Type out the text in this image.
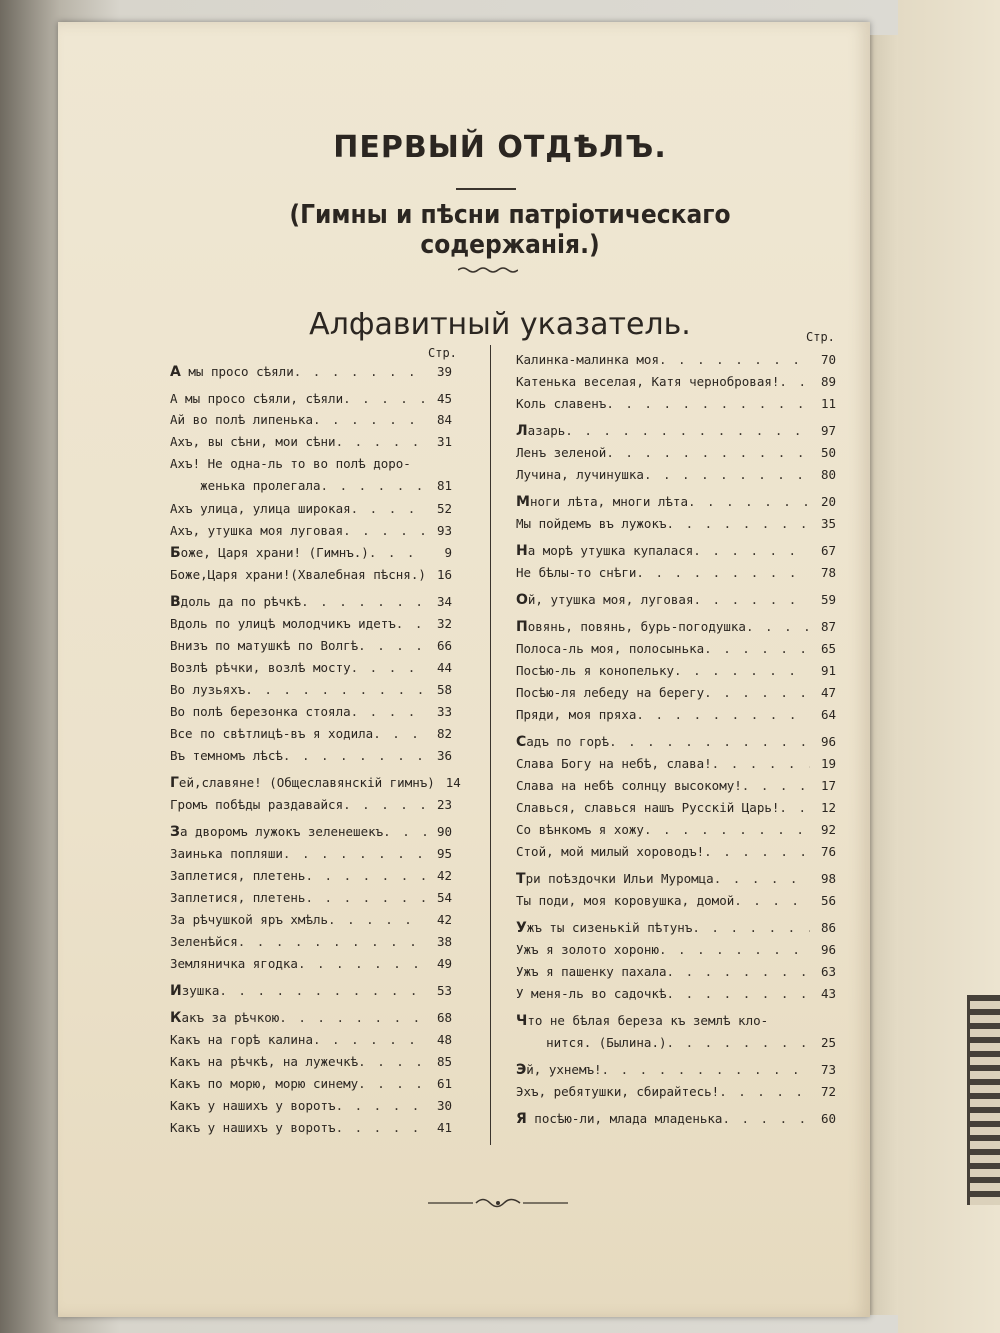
ПЕРВЫЙ ОТДѢЛЪ.
(Гимны и пѣсни патріотическаго содержанія.)
Алфавитный указатель.
Стр.
Стр.
А мы просо сѣяли . . .	39
А мы просо сѣяли, сѣяли . . .	45
Ай во полѣ липенька . . .	84
Ахъ, вы сѣни, мои сѣни . . .	31
Ахъ! Не одна-ль то во полѣ доро-
женька пролегала . . .	81
Ахъ улица, улица широкая . . .	52
Ахъ, утушка моя луговая . . .	93
Боже, Царя храни! (Гимнъ.) . . .	9
Боже,Царя храни!(Хвалебная пѣсня.) . . . 16
Вдоль да по рѣчкѣ . . .	34
Вдоль по улицѣ молодчикъ идетъ . . .	32
Внизъ по матушкѣ по Волгѣ . . .	66
Возлѣ рѣчки, возлѣ мосту . . .	44
Во лузьяхъ . . .	58
Во полѣ березонка стояла . . .	33
Все по свѣтлицѣ-въ я ходила . . .	82
Въ темномъ лѣсѣ . . .	36
Гей,славяне! (Общеславянскій гимнъ) 14
Громъ побѣды раздавайся . . .	23
За дворомъ лужокъ зеленешекъ . . .	90
Заинька попляши . . .	95
Заплетися, плетень . . .	42
Заплетися, плетень . . .	54
За рѣчушкой яръ хмѣль . . .	42
Зеленѣйся . . .	38
Земляничка ягодка . . .	49
Изушка . . .	53
Какъ за рѣчкою . . .	68
Какъ на горѣ калина . . .	48
Какъ на рѣчкѣ, на лужечкѣ . . .	85
Какъ по морю, морю синему . . .	61
Какъ у нашихъ у воротъ . . .	30
Какъ у нашихъ у воротъ . . .	41
Калинка-малинка моя . . .	70
Катенька веселая, Катя чернобровая! . . .	89
Коль славенъ . . .	11
Лазарь . . .	97
Ленъ зеленой . . .	50
Лучина, лучинушка . . .	80
Многи лѣта, многи лѣта . . .	20
Мы пойдемъ въ лужокъ . . .	35
На морѣ утушка купалася . . .	67
Не бѣлы-то снѣги . . .	78
Ой, утушка моя, луговая . . .	59
Повянь, повянь, бурь-погодушка . . .	87
Полоса-ль моя, полосынька . . .	65
Посѣю-ль я конопельку . . .	91
Посѣю-ля лебеду на берегу . . .	47
Пряди, моя пряха . . .	64
Садъ по горѣ . . .	96
Слава Богу на небѣ, слава! . . .	19
Слава на небѣ солнцу высокому! . . .	17
Славься, славься нашъ Русскій Царь! . . .	12
Со вѣнкомъ я хожу . . .	92
Стой, мой милый хороводъ! . . .	76
Три поѣздочки Ильи Муромца . . .	98
Ты поди, моя коровушка, домой . . .	56
Ужъ ты сизенькій пѣтунъ . . .	86
Ужъ я золото хороню . . .	96
Ужъ я пашенку пахала . . .	63
У меня-ль во садочкѣ . . .	43
Что не бѣлая береза къ землѣ кло-
нится. (Былина.) . . .	25
Эй, ухнемъ! . . .	73
Эхъ, ребятушки, сбирайтесь! . . .	72
Я посѣю-ли, млада младенька . . .	60
